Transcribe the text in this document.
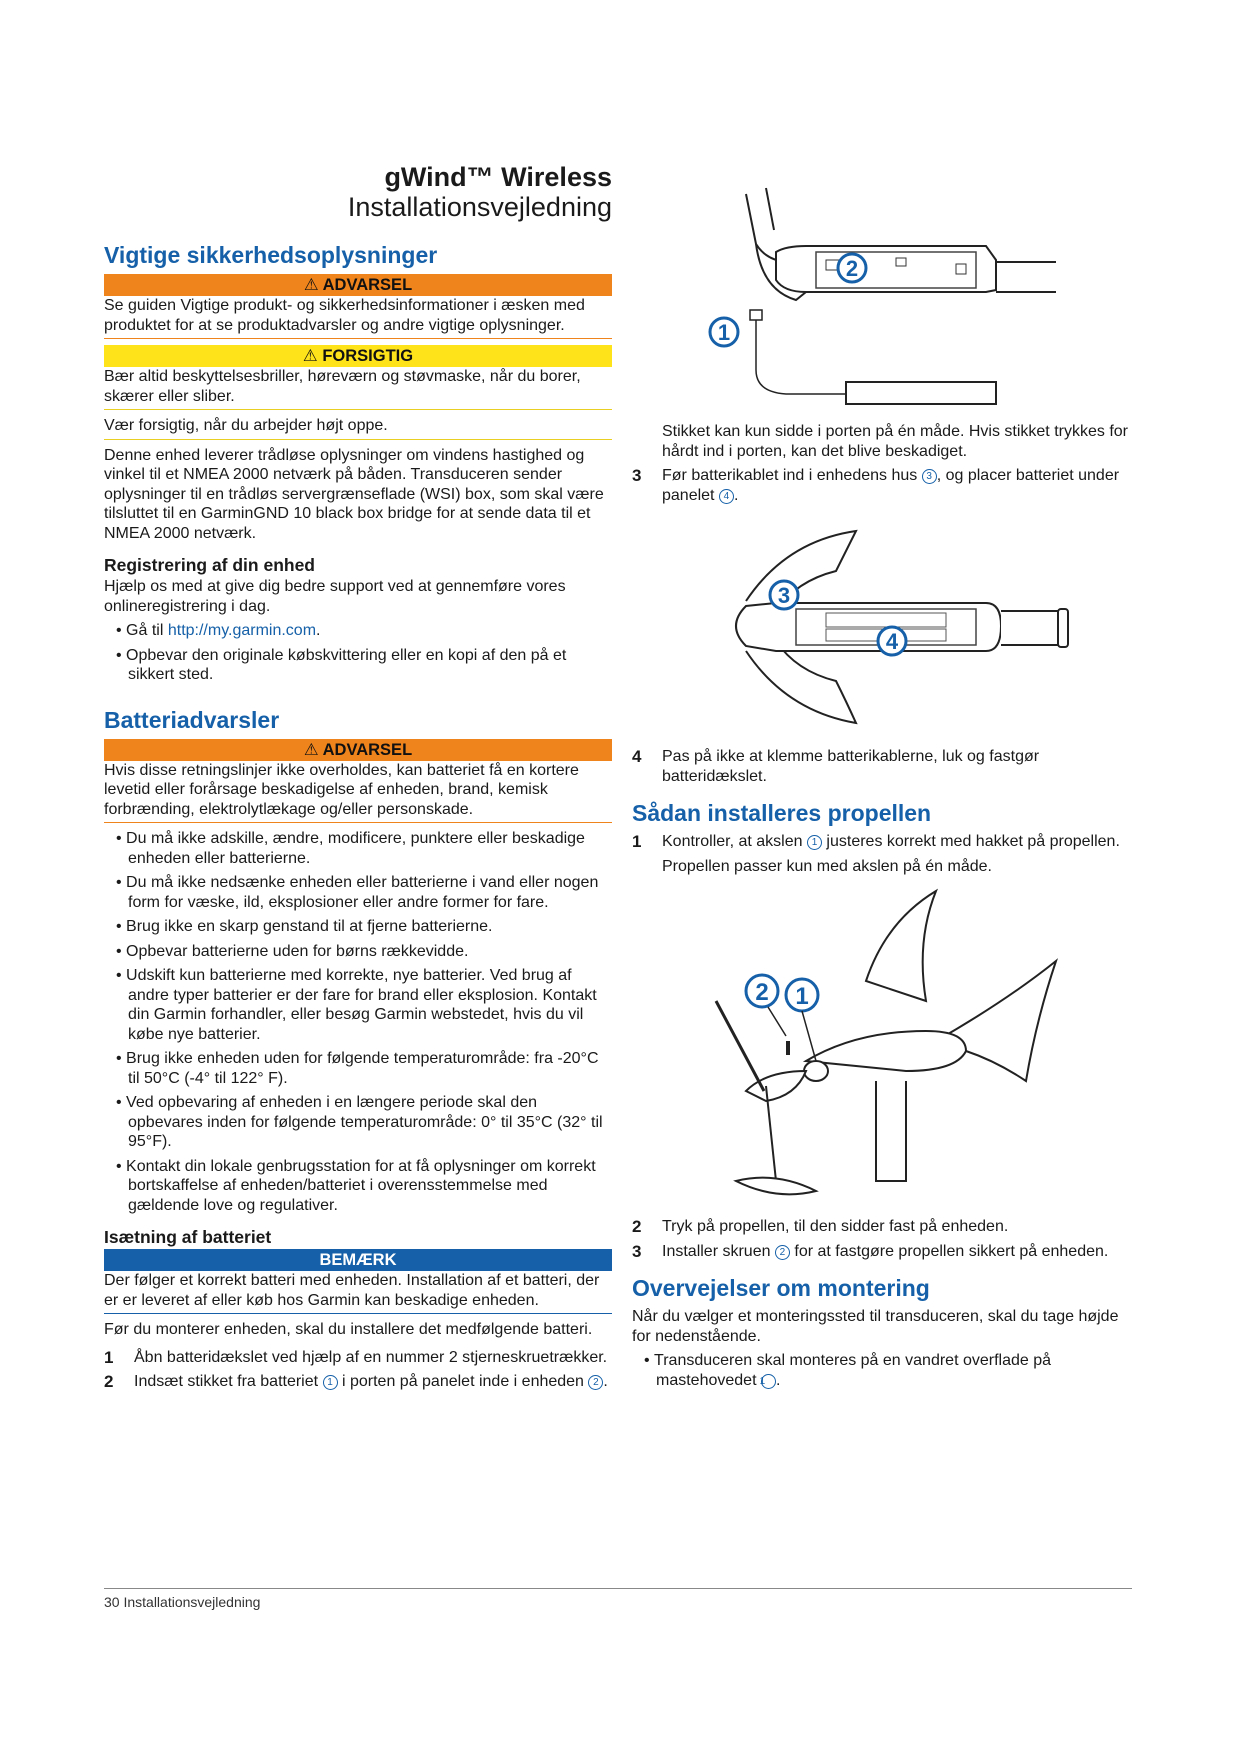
gWind™ Wireless
Installationsvejledning
Vigtige sikkerhedsoplysninger
⚠ ADVARSEL

Se guiden Vigtige produkt- og sikkerhedsinformationer i æsken med produktet for at se produktadvarsler og andre vigtige oplysninger.

⚠ FORSIGTIG

Bær altid beskyttelsesbriller, høreværn og støvmaske, når du borer, skærer eller sliber.

Vær forsigtig, når du arbejder højt oppe.

Denne enhed leverer trådløse oplysninger om vindens hastighed og vinkel til et NMEA 2000 netværk på båden. Transduceren sender oplysninger til en trådløs servergrænseflade (WSI) box, som skal være tilsluttet til en GarminGND 10 black box bridge for at sende data til et NMEA 2000 netværk.

Registrering af din enhed

Hjælp os med at give dig bedre support ved at gennemføre vores onlineregistrering i dag.

• Gå til http://my.garmin.com.
• Opbevar den originale købskvittering eller en kopi af den på et sikkert sted.
Batteriadvarsler
⚠ ADVARSEL

Hvis disse retningslinjer ikke overholdes, kan batteriet få en kortere levetid eller forårsage beskadigelse af enheden, brand, kemisk forbrænding, elektrolytlækage og/eller personskade.

• Du må ikke adskille, ændre, modificere, punktere eller beskadige enheden eller batterierne.
• Du må ikke nedsænke enheden eller batterierne i vand eller nogen form for væske, ild, eksplosioner eller andre former for fare.
• Brug ikke en skarp genstand til at fjerne batterierne.
• Opbevar batterierne uden for børns rækkevidde.
• Udskift kun batterierne med korrekte, nye batterier. Ved brug af andre typer batterier er der fare for brand eller eksplosion. Kontakt din Garmin forhandler, eller besøg Garmin webstedet, hvis du vil købe nye batterier.
• Brug ikke enheden uden for følgende temperaturområde: fra -20°C til 50°C (-4° til 122° F).
• Ved opbevaring af enheden i en længere periode skal den opbevares inden for følgende temperaturområde: 0° til 35°C (32° til 95°F).
• Kontakt din lokale genbrugsstation for at få oplysninger om korrekt bortskaffelse af enheden/batteriet i overensstemmelse med gældende love og regulativer.
Isætning af batteriet
BEMÆRK

Der følger et korrekt batteri med enheden. Installation af et batteri, der er er leveret af eller køb hos Garmin kan beskadige enheden.

Før du monterer enheden, skal du installere det medfølgende batteri.

1	Åbn batteridækslet ved hjælp af en nummer 2 stjerneskruetrækker.
2	Indsæt stikket fra batteriet 1 i porten på panelet inde i enheden 2 .
2
1

Stikket kan kun sidde i porten på én måde. Hvis stikket trykkes for hårdt ind i porten, kan det blive beskadiget.

3	Før batterikablet ind i enhedens hus 3 , og placer batteriet under panelet 4 .
3
4
4	Pas på ikke at klemme batterikablerne, luk og fastgør batteridækslet.
Sådan installeres propellen
1	Kontroller, at akslen 1 justeres korrekt med hakket på propellen.

Propellen passer kun med akslen på én måde.

2 1
2	Tryk på propellen, til den sidder fast på enheden.
3	Installer skruen 2 for at fastgøre propellen sikkert på enheden.
Overvejelser om montering

Når du vælger et monteringssted til transduceren, skal du tage højde for nedenstående.

• Transduceren skal monteres på en vandret overflade på mastehovedet 1 .
30 Installationsvejledning
